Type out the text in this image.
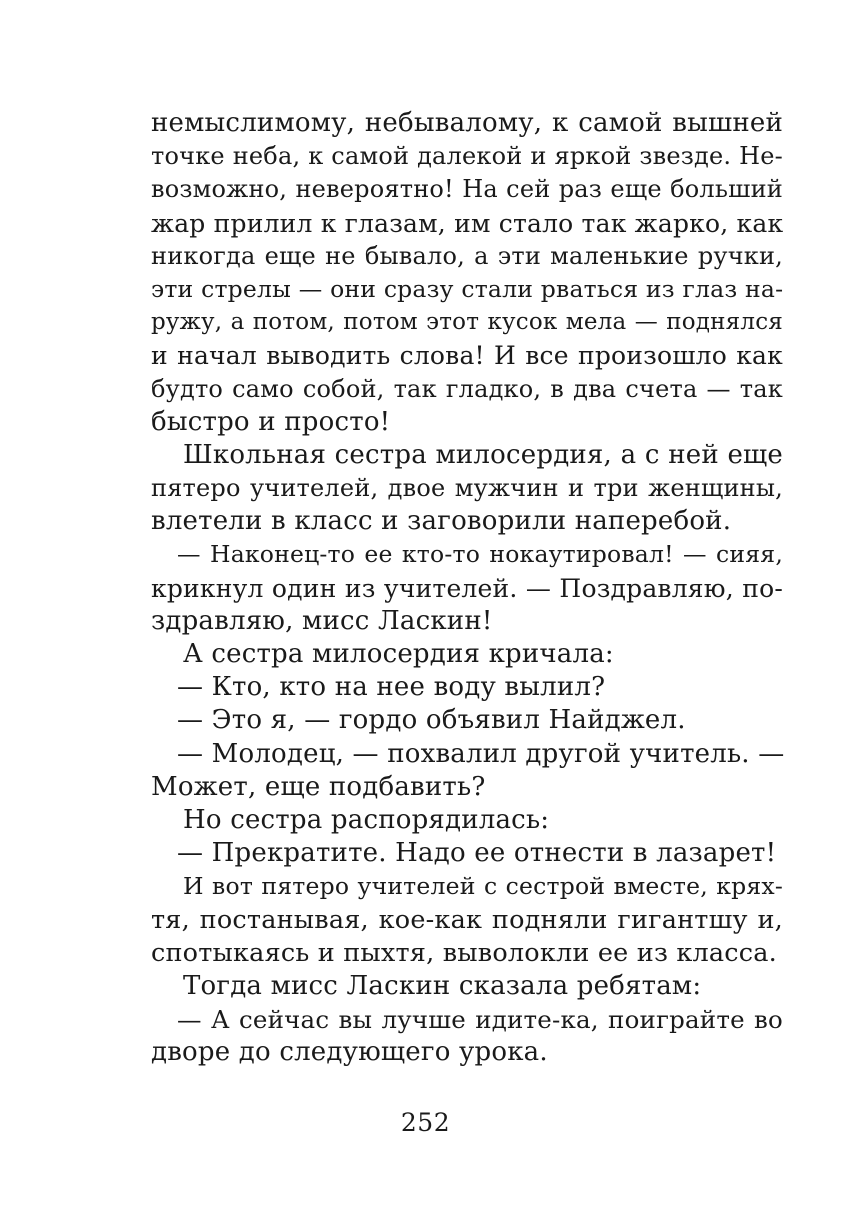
немыслимому, небывалому, к самой вышней
точке неба, к самой далекой и яркой звезде. Не-
возможно, невероятно! На сей раз еще больший
жар прилил к глазам, им стало так жарко, как
никогда еще не бывало, а эти маленькие ручки,
эти стрелы — они сразу стали рваться из глаз на-
ружу, а потом, потом этот кусок мела — поднялся
и начал выводить слова! И все произошло как
будто само собой, так гладко, в два счета — так
быстро и просто!
Школьная сестра милосердия, а с ней еще
пятеро учителей, двое мужчин и три женщины,
влетели в класс и заговорили наперебой.
— Наконец-то ее кто-то нокаутировал! — сияя,
крикнул один из учителей. — Поздравляю, по-
здравляю, мисс Ласкин!
А сестра милосердия кричала:
— Кто, кто на нее воду вылил?
— Это я, — гордо объявил Найджел.
— Молодец, — похвалил другой учитель. —
Может, еще подбавить?
Но сестра распорядилась:
— Прекратите. Надо ее отнести в лазарет!
И вот пятеро учителей с сестрой вместе, крях-
тя, постанывая, кое-как подняли гигантшу и,
спотыкаясь и пыхтя, выволокли ее из класса.
Тогда мисс Ласкин сказала ребятам:
— А сейчас вы лучше идите-ка, поиграйте во
дворе до следующего урока.
252
